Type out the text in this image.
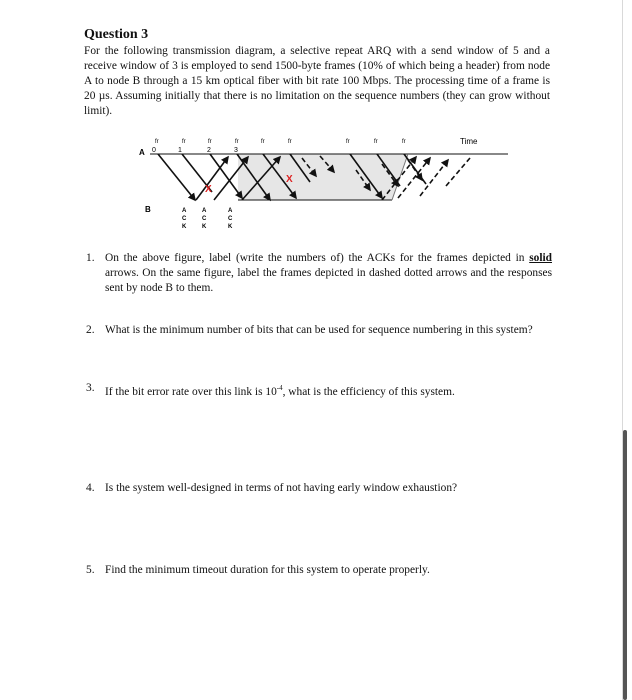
Question 3
For the following transmission diagram, a selective repeat ARQ with a send window of 5 and a receive window of 3 is employed to send 1500-byte frames (10% of which being a header) from node A to node B through a 15 km optical fiber with bit rate 100 Mbps. The processing time of a frame is 20 µs. Assuming initially that there is no limitation on the sequence numbers (they can grow without limit).
A
B
Time
fr	fr	fr	fr	fr	fr	fr	fr	fr
0	1	2	3
X
X
A
C
K
A
C
K
A
C
K
1. On the above figure, label (write the numbers of) the ACKs for the frames depicted in solid arrows. On the same figure, label the frames depicted in dashed dotted arrows and the responses sent by node B to them.
2. What is the minimum number of bits that can be used for sequence numbering in this system?
3. If the bit error rate over this link is $10^{-4}$, what is the efficiency of this system.
4. Is the system well-designed in terms of not having early window exhaustion?
5. Find the minimum timeout duration for this system to operate properly.
